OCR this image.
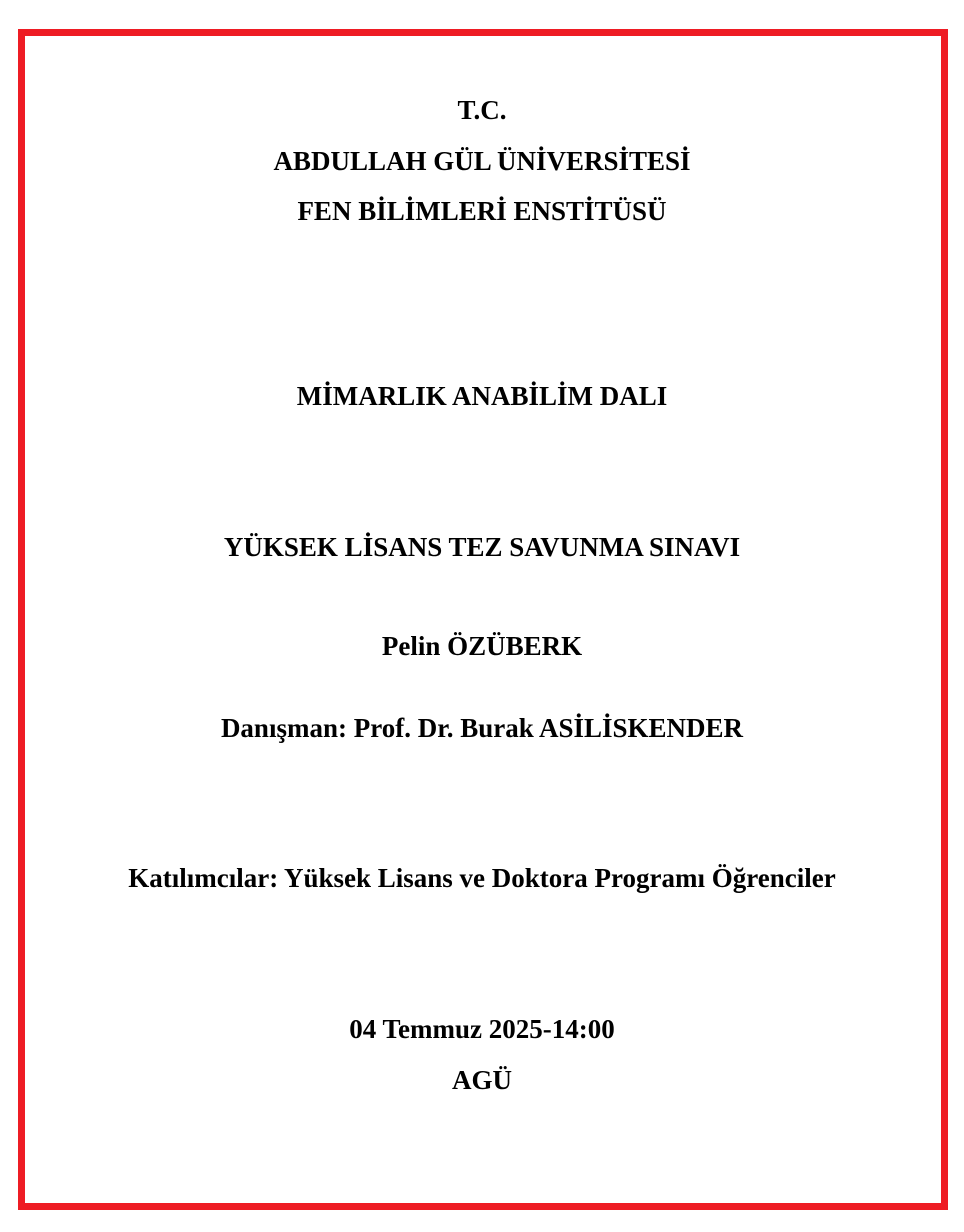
T.C.
ABDULLAH GÜL ÜNİVERSİTESİ
FEN BİLİMLERİ ENSTİTÜSÜ
MİMARLIK ANABİLİM DALI
YÜKSEK LİSANS TEZ SAVUNMA SINAVI
Pelin ÖZÜBERK
Danışman: Prof. Dr. Burak ASİLİSKENDER
Katılımcılar: Yüksek Lisans ve Doktora Programı Öğrenciler
04 Temmuz 2025-14:00
AGÜ
